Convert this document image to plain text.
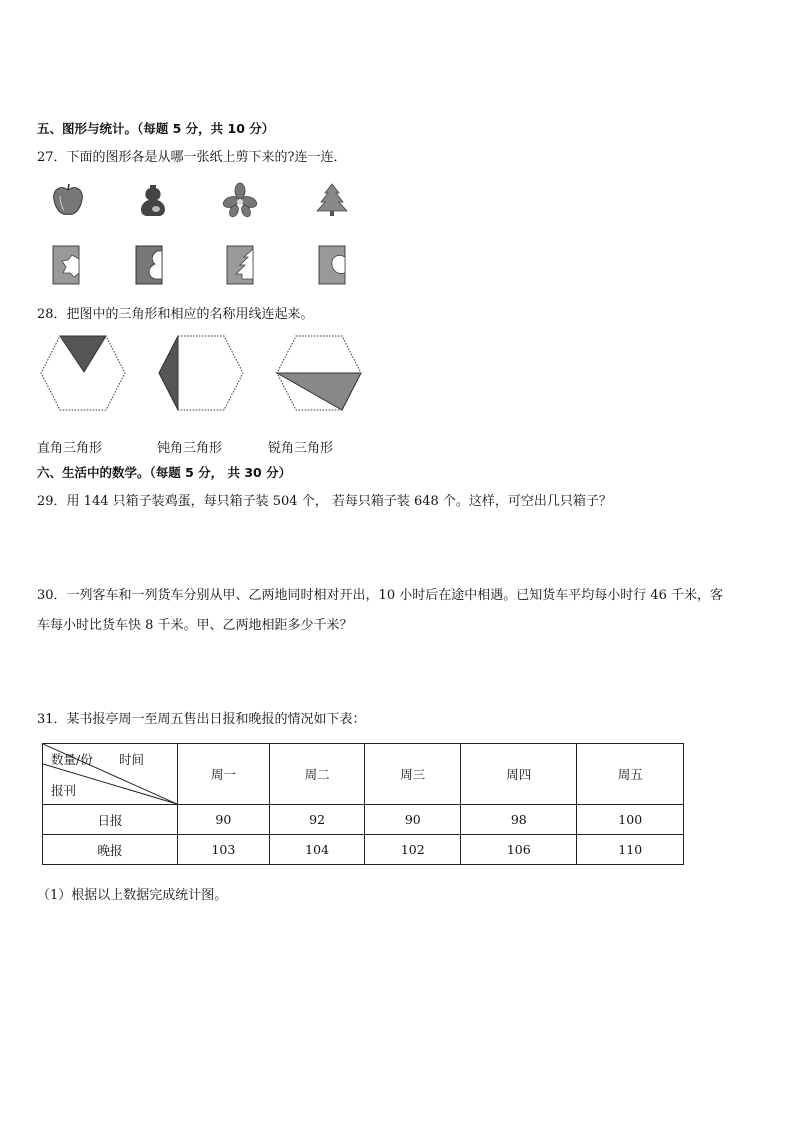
五、图形与统计。（每题 5 分，共 10 分）
27．下面的图形各是从哪一张纸上剪下来的?连一连．
28．把图中的三角形和相应的名称用线连起来。
直角三角形	钝角三角形	锐角三角形
六、生活中的数学。（每题 5 分， 共 30 分）
29．用 144 只箱子装鸡蛋，每只箱子装 504 个， 若每只箱子装 648 个。这样，可空出几只箱子？
30．一列客车和一列货车分别从甲、乙两地同时相对开出，10 小时后在途中相遇。已知货车平均每小时行 46 千米，客
车每小时比货车快 8 千米。甲、乙两地相距多少千米？
31．某书报亭周一至周五售出日报和晚报的情况如下表：
数量/份 时间
报刊	周一	周二	周三	周四	周五
日报	90	92	90	98	100
晚报	103	104	102	106	110
（1）根据以上数据完成统计图。
